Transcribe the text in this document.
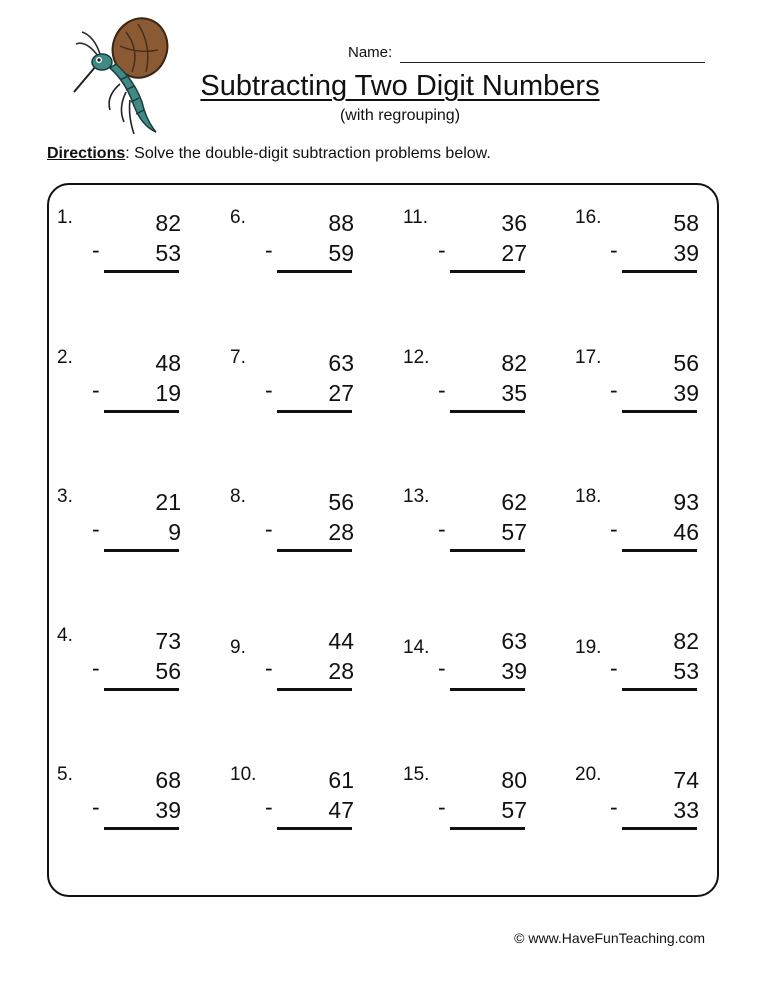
Name:
Subtracting Two Digit Numbers
(with regrouping)
Directions: Solve the double-digit subtraction problems below.
1.	82
- 53
2.	48
- 19
3.	21
-	9
4.	73
- 56
5.	68
- 39
6.	88
- 59
7.	63
- 27
8.	56
- 28
9.	44
- 28
10.	61
- 47
11.	36
- 27
12.	82
- 35
13.	62
- 57
14.	63
- 39
15.	80
- 57
16.	58
- 39
17.	56
- 39
18.	93
- 46
19.	82
- 53
20.	74
- 33
© www.HaveFunTeaching.com
